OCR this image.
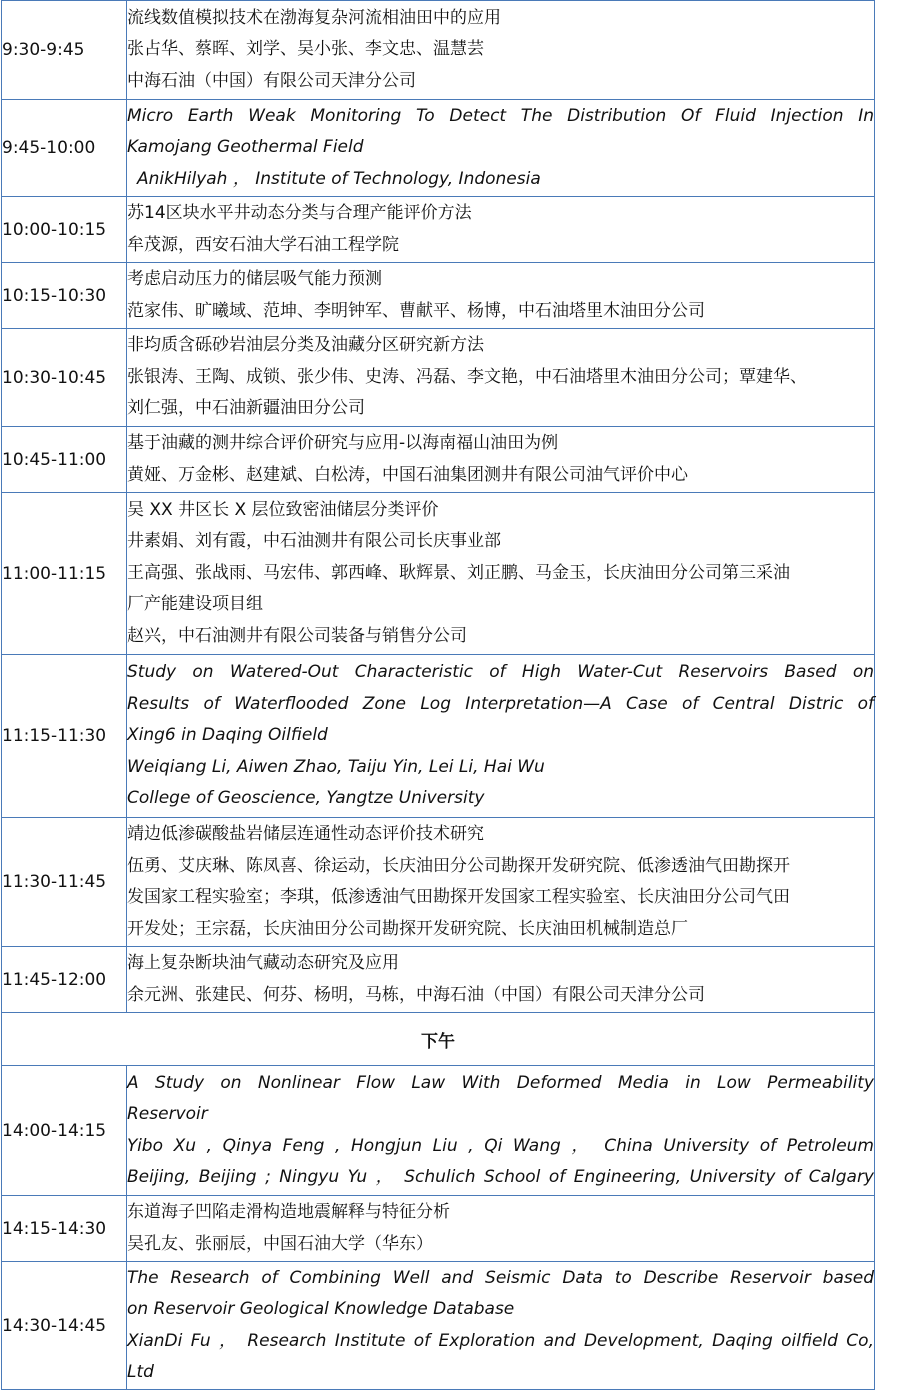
9:30-9:45	流线数值模拟技术在渤海复杂河流相油田中的应用
张占华、蔡晖、刘学、吴小张、李文忠、温慧芸
中海石油（中国）有限公司天津分公司

9:45-10:00	Micro Earth Weak Monitoring To Detect The Distribution Of Fluid Injection In
Kamojang Geothermal Field
AnikHilyah ， Institute of Technology, Indonesia

10:00-10:15	苏14区块水平井动态分类与合理产能评价方法
牟茂源，西安石油大学石油工程学院

10:15-10:30	考虑启动压力的储层吸气能力预测
范家伟、旷曦域、范坤、李明钟军、曹献平、杨博，中石油塔里木油田分公司

10:30-10:45	非均质含砾砂岩油层分类及油藏分区研究新方法
张银涛、王陶、成锁、张少伟、史涛、冯磊、李文艳，中石油塔里木油田分公司；覃建华、
刘仁强，中石油新疆油田分公司

10:45-11:00	基于油藏的测井综合评价研究与应用-以海南福山油田为例
黄娅、万金彬、赵建斌、白松涛，中国石油集团测井有限公司油气评价中心

11:00-11:15	吴 XX 井区长 X 层位致密油储层分类评价
井素娟、刘有霞，中石油测井有限公司长庆事业部
王高强、张战雨、马宏伟、郭西峰、耿辉景、刘正鹏、马金玉，长庆油田分公司第三采油
厂产能建设项目组
赵兴，中石油测井有限公司装备与销售分公司

11:15-11:30	Study on Watered-Out Characteristic of High Water-Cut Reservoirs Based on
Results of Waterflooded Zone Log Interpretation—A Case of Central Distric of
Xing6 in Daqing Oilfield
Weiqiang Li, Aiwen Zhao, Taiju Yin, Lei Li, Hai Wu
College of Geoscience, Yangtze University

11:30-11:45	靖边低渗碳酸盐岩储层连通性动态评价技术研究
伍勇、艾庆琳、陈凤喜、徐运动，长庆油田分公司勘探开发研究院、低渗透油气田勘探开
发国家工程实验室；李琪，低渗透油气田勘探开发国家工程实验室、长庆油田分公司气田
开发处；王宗磊，长庆油田分公司勘探开发研究院、长庆油田机械制造总厂

11:45-12:00	海上复杂断块油气藏动态研究及应用
余元洲、张建民、何芬、杨明，马栋，中海石油（中国）有限公司天津分公司

下午	
14:00-14:15	A Study on Nonlinear Flow Law With Deformed Media in Low Permeability
Reservoir
Yibo Xu , Qinya Feng , Hongjun Liu , Qi Wang ， China University of Petroleum
Beijing, Beijing ; Ningyu Yu ， Schulich School of Engineering, University of Calgary

14:15-14:30	东道海子凹陷走滑构造地震解释与特征分析
吴孔友、张丽辰，中国石油大学（华东）

14:30-14:45	The Research of Combining Well and Seismic Data to Describe Reservoir based
on Reservoir Geological Knowledge Database
XianDi Fu ， Research Institute of Exploration and Development, Daqing oilfield Co,
Ltd
